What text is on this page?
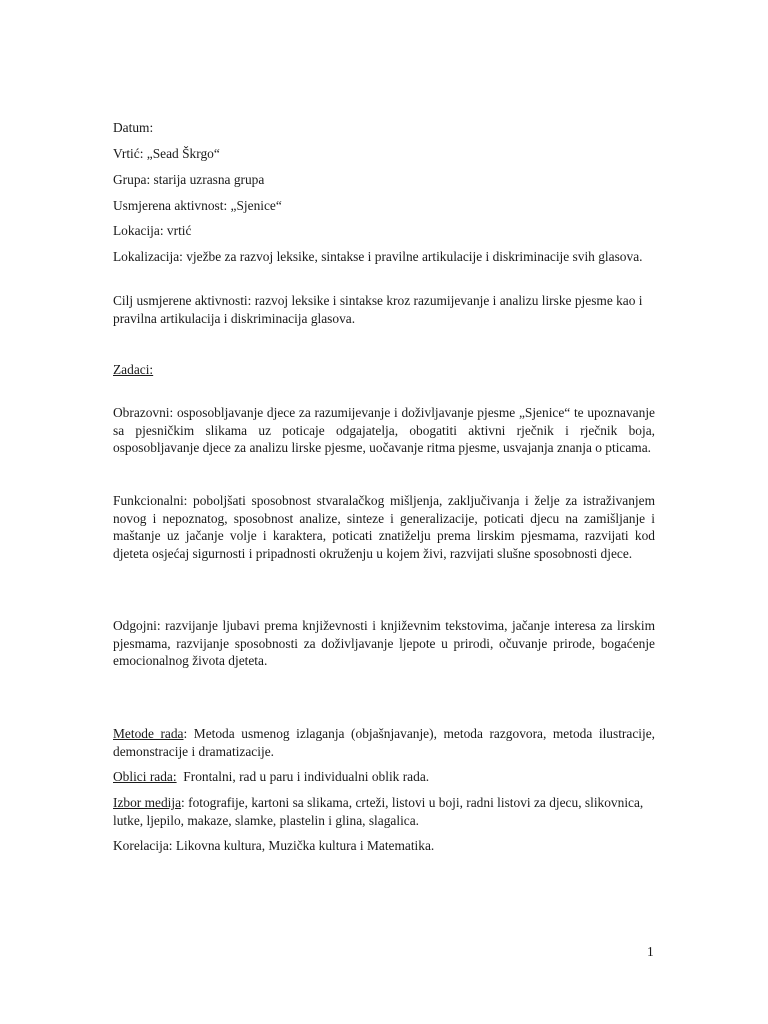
Datum:

Vrtić: „Sead Škrgo“

Grupa: starija uzrasna grupa

Usmjerena aktivnost: „Sjenice“

Lokacija: vrtić

Lokalizacija: vježbe za razvoj leksike, sintakse i pravilne artikulacije i diskriminacije svih glasova.

Cilj usmjerene aktivnosti: razvoj leksike i sintakse kroz razumijevanje i analizu lirske pjesme kao i pravilna artikulacija i diskriminacija glasova.

Zadaci:

Obrazovni: osposobljavanje djece za razumijevanje i doživljavanje pjesme „Sjenice“ te upoznavanje sa pjesničkim slikama uz poticaje odgajatelja, obogatiti aktivni rječnik i rječnik boja, osposobljavanje djece za analizu lirske pjesme, uočavanje ritma pjesme, usvajanja znanja o pticama.

Funkcionalni: poboljšati sposobnost stvaralačkog mišljenja, zaključivanja i želje za istraživanjem novog i nepoznatog, sposobnost analize, sinteze i generalizacije, poticati djecu na zamišljanje i maštanje uz jačanje volje i karaktera, poticati znatiželju prema lirskim pjesmama, razvijati kod djeteta osjećaj sigurnosti i pripadnosti okruženju u kojem živi, razvijati slušne sposobnosti djece.

Odgojni: razvijanje ljubavi prema književnosti i književnim tekstovima, jačanje interesa za lirskim pjesmama, razvijanje sposobnosti za doživljavanje ljepote u prirodi, očuvanje prirode, bogaćenje emocionalnog života djeteta.

Metode rada: Metoda usmenog izlaganja (objašnjavanje), metoda razgovora, metoda ilustracije, demonstracije i dramatizacije.

Oblici rada:  Frontalni, rad u paru i individualni oblik rada.

Izbor medija: fotografije, kartoni sa slikama, crteži, listovi u boji, radni listovi za djecu, slikovnica, lutke, ljepilo, makaze, slamke, plastelin i glina, slagalica.

Korelacija: Likovna kultura, Muzička kultura i Matematika.

1
